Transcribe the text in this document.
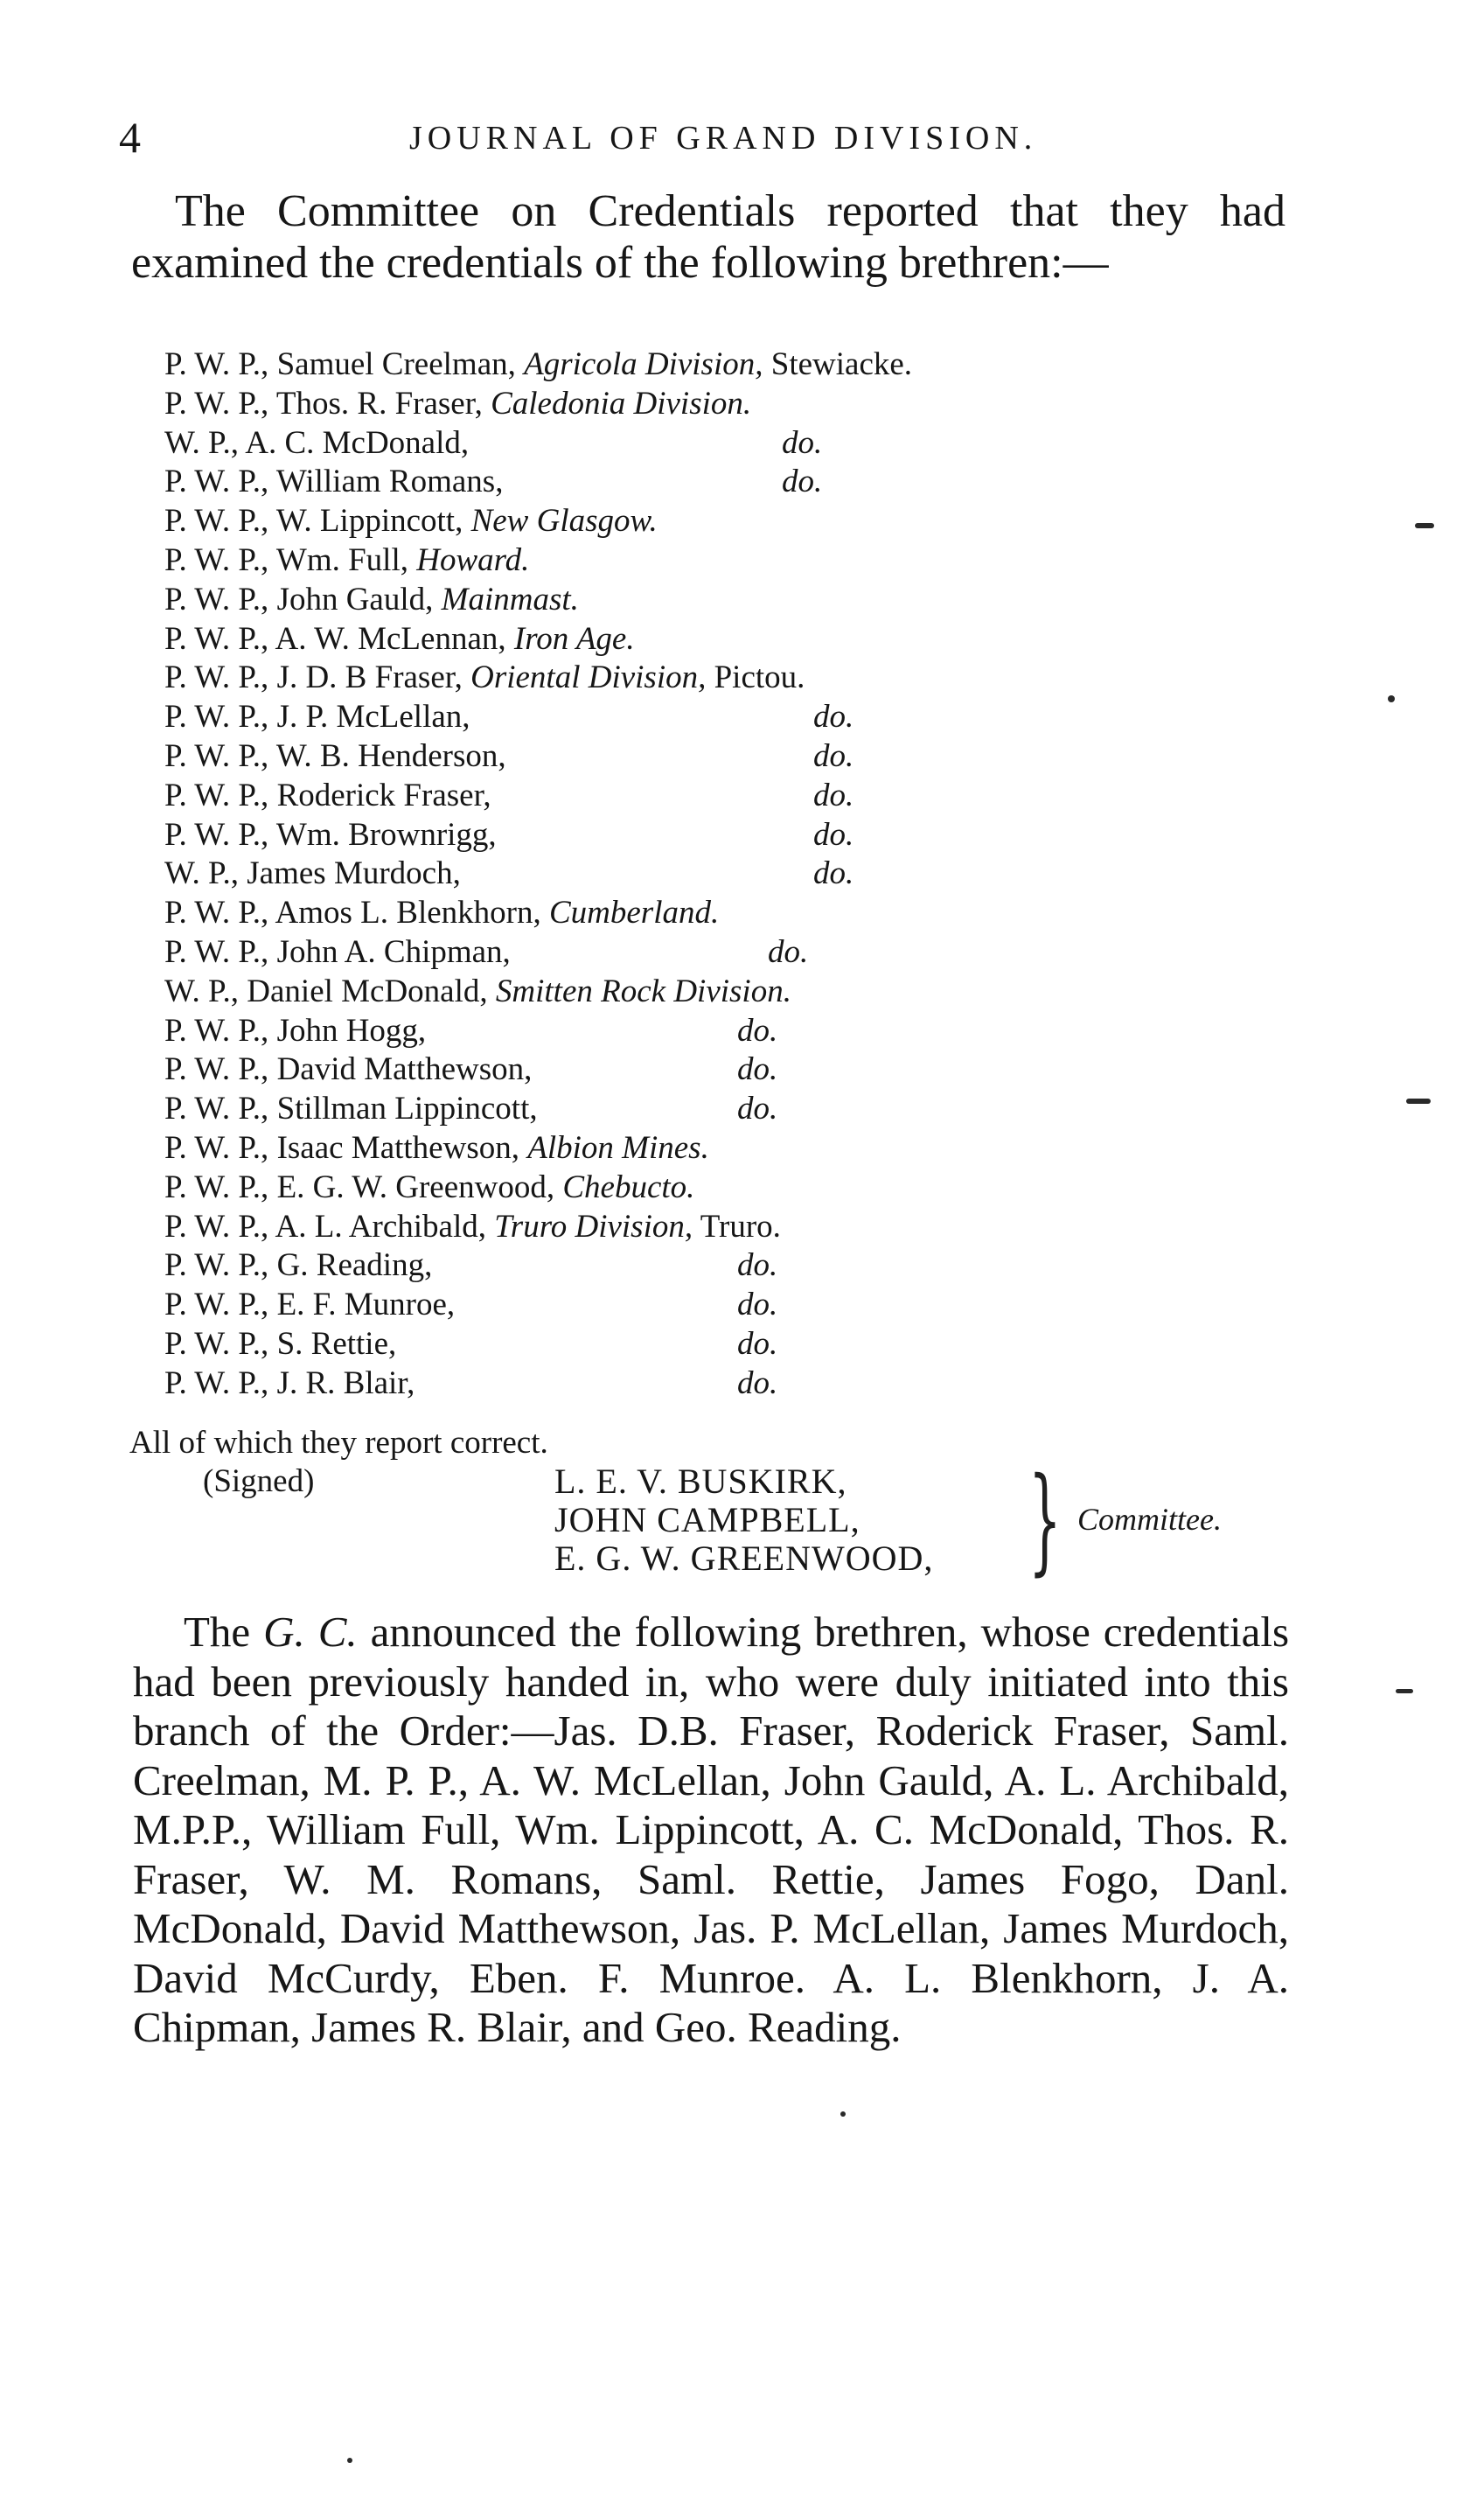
4	JOURNAL OF GRAND DIVISION.

The Committee on Credentials reported that they had examined the credentials of the following brethren:—

P. W. P., Samuel Creelman, Agricola Division, Stewiacke.
P. W. P., Thos. R. Fraser, Caledonia Division.
W. P., A. C. McDonald,	do.
P. W. P., William Romans,	do.
P. W. P., W. Lippincott, New Glasgow.
P. W. P., Wm. Full, Howard.
P. W. P., John Gauld, Mainmast.
P. W. P., A. W. McLennan, Iron Age.
P. W. P., J. D. B Fraser, Oriental Division, Pictou.
P. W. P., J. P. McLellan,	do.
P. W. P., W. B. Henderson,	do.
P. W. P., Roderick Fraser,	do.
P. W. P., Wm. Brownrigg,	do.
W. P., James Murdoch,	do.
P. W. P., Amos L. Blenkhorn, Cumberland.
P. W. P., John A. Chipman,	do.
W. P., Daniel McDonald, Smitten Rock Division.
P. W. P., John Hogg,	do.
P. W. P., David Matthewson,	do.
P. W. P., Stillman Lippincott,	do.
P. W. P., Isaac Matthewson, Albion Mines.
P. W. P., E. G. W. Greenwood, Chebucto.
P. W. P., A. L. Archibald, Truro Division, Truro.
P. W. P., G. Reading,	do.
P. W. P., E. F. Munroe,	do.
P. W. P., S. Rettie,	do.
P. W. P., J. R. Blair,	do.

All of which they report correct.

(Signed)	L. E. V. BUSKIRK,
JOHN CAMPBELL,
E. G. W. GREENWOOD, } Committee.

The G. C. announced the following brethren, whose credentials had been previously handed in, who were duly initiated into this branch of the Order:—Jas. D.B. Fraser, Roderick Fraser, Saml. Creelman, M. P. P., A. W. McLellan, John Gauld, A. L. Archibald, M.P.P., William Full, Wm. Lippincott, A. C. McDonald, Thos. R. Fraser, W. M. Romans, Saml. Rettie, James Fogo, Danl. McDonald, David Matthewson, Jas. P. McLellan, James Murdoch, David McCurdy, Eben. F. Munroe. A. L. Blenkhorn, J. A. Chipman, James R. Blair, and Geo. Reading.
